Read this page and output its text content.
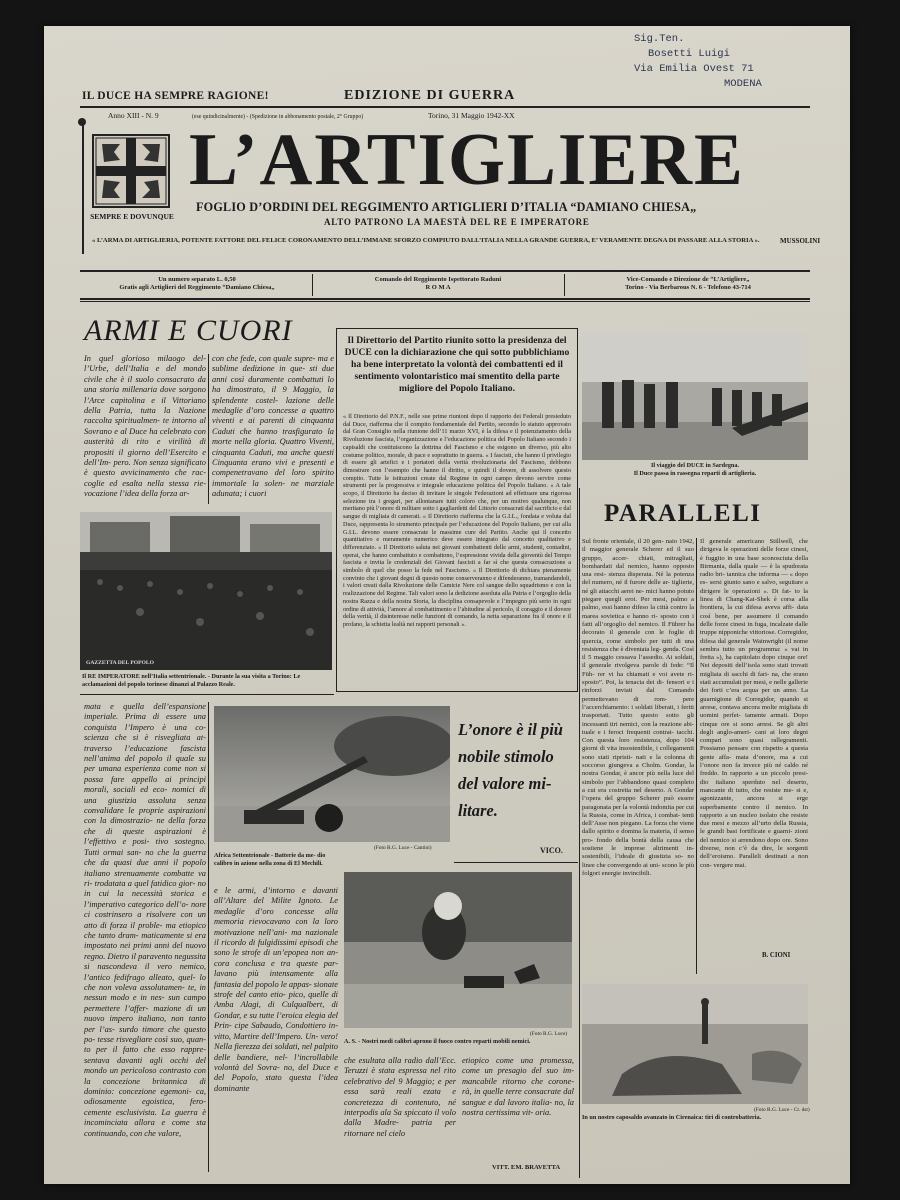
Sig.Ten.
Bosetti Luigi
Via Emilia Ovest 71
MODENA
IL DUCE HA SEMPRE RAGIONE!	EDIZIONE DI GUERRA
Anno XIII - N. 9	(ese quindicinalmente) - (Spedizione in abbonamento postale, 2° Gruppo)	Torino, 31 Maggio 1942-XX
SEMPRE E DOVUNQUE
L’ARTIGLIERE
FOGLIO D’ORDINI DEL REGGIMENTO ARTIGLIERI D’ITALIA “DAMIANO CHIESA„
ALTO PATRONO LA MAESTÀ DEL RE E IMPERATORE
« L’ARMA DI ARTIGLIERIA, POTENTE FATTORE DEL FELICE CORONAMENTO DELL’IMMANE SFORZO COMPIUTO DALL’ITALIA NELLA GRANDE GUERRA, E’ VERAMENTE DEGNA DI PASSARE ALLA STORIA ».	MUSSOLINI
Un numero separato L. 0,50
Gratis agli Artiglieri del Reggimento “Damiano Chiesa„
Comando del Reggimento Ispettorato Raduni
R O M A
Vice-Comando e Direzione de “L’Artigliere„
Torino - Via Berbarous N. 6 - Telefono 43-714
ARMI E CUORI
In quel glorioso milaogo del- l’Urbe, dell’Italia e del mondo civile che è il suolo consacrato da una storia millenaria dove sorgono l’Arce capitolina e il Vittoriano della Patria, tutta la Nazione raccolta spiritualmen- te intorno al Sovrano e al Duce ha celebrato con austerità di rito e virilità di propositi il giorno dell’Esercito e dell’Im- pero. Non senza significato è questo avvicinamento che rac- coglie ed esalta nella stessa rie- vocazione l’idea della forza ar-
con che fede, con quale supre- ma e sublime dedizione in que- sti due anni così duramente combattuti lo ha dimostrato, il 9 Maggio, la splendente costel- lazione delle medaglie d’oro concesse a quattro viventi e ai parenti di cinquanta Caduti che hanno trasfigurato la morte nella gloria. Quattro Viventi, cinquanta Caduti, ma anche questi Cinquanta erano vivi e presenti e compenetravano del loro spirito immortale la solen- ne marziale adunata; i cuori
GAZZETTA DEL POPOLO
Il RE IMPERATORE nell’Italia settentrionale. - Durante la sua visita a Torino: Le acclamazioni del popolo torinese dinanzi al Palazzo Reale.
mata e quella dell’espansione imperiale. Prima di essere una conquista l’Impero è una co- scienza che si è risvegliata at- traverso l’educazione fascista nell’anima del popolo il quale su per umana esperienza come non si possa fare appello ai principi morali, sociali ed eco- nomici di una giustizia assoluta senza convalidare le proprie aspirazioni con la dimostrazio- ne della forza che di queste aspirazioni è l’effettivo e posi- tivo sostegno. Tutti ormai san- no che la guerra che da quasi due anni il popolo italiano strenuamente combatte va ri- trodatata a quel fatidico gior- no in cui la necessità storica e l’imperativo categorico dell’o- nore ci costrinsero a risolvere con un atto di forza il proble- ma etiopico che tanto dram- maticamente si era impostato nei primi anni del nuovo regno. Dietro il paravento negussita si nascondeva il vero nemico, l’antico fedifrago alleato, quel- lo che non voleva assolutamen- te, in nessun modo e in nes- sun campo permettere l’affer- mazione di un nuovo impero italiano, non tanto per l’as- surdo timore che questo po- tesse risvegliare così suo, quan- to per il fatto che esso rappre- sentava davanti agli occhi del mondo un pericoloso contrasto con la concezione britannica di dominio: concezione egemoni- ca, odiosamente egoistica, fero- cemente esclusivista. La guerra è incominciata allora e come sta continuando, con che valore,
(Foto R.G. Luce - Cantini)
Africa Settentrionale - Batterie da me- dio calibro in azione nella zona di El Mechili.
L’onore è il più nobile stimolo del valore mi- litare.
VICO.
e le armi, d’intorno e davanti all’Altare del Milite Ignoto. Le medaglie d’oro concesse alla memoria rievocavano con la loro motivazione nell’ani- ma nazionale il ricordo di fulgidissimi episodi che sono le strofe di un’epopea non an- cora conclusa e tra queste par- lavano più intensamente alla fantasia del popolo le appas- sionate strofe del canto etio- pico, quelle di Amba Alagi, di Culqualbert, di Gondar, e su tutte l’eroica elegia del Prin- cipe Sabaudo, Condottiero in- vitto, Martire dell’Impero. Un- vero! Nella fierezza dei soldati, nel palpito delle bandiere, nel- l’incrollabile volontà del Sovra- no, del Duce e del Popolo, stato questa l’idea dominante
(Foto R.G. Luce)
A. S. - Nostri medi calibri aprono il fuoco contro reparti mobili nemici.
che esultata alla radio dall’Ecc. Teruzzi è stata espressa nel rito celebrativo del 9 Maggio; e per essa sarà reali ezata e concretezza di contenuto, né interpodis ala Sa spiccato il volo dalla Madre- patria per ritornare nel cielo
etiopico come una promessa, come un presagio del suo im- mancabile ritorno che corone- rà, in quelle terre consacrate dal sangue e dal lavoro italia- no, la nostra certissima vit- oria.
VITT. EM. BRAVETTA
Il Direttorio del Partito riunito sotto la presidenza del DUCE con la dichiarazione che qui sotto pubblichiamo ha bene interpretato la volontà dei combattenti ed il sentimento volontaristico mai smentito della parte migliore del Popolo Italiano.
« Il Direttorio del P.N.F., nelle sue prime riunioni dopo il rapporto dei Federali presieduto dal Duce, riafferma che il compito fondamentale del Partito, secondo lo statuto approvato dal Gran Consiglio nella riunione dell’11 marzo XVI, è la difesa e il potenziamento della Rivoluzione fascista, l’organizzazione e l’educazione politica del Popolo Italiano secondo i capisaldi che costituiscono la dottrina del Fascismo e che esigono un diverso, più alto costume politico, morale, di pace e soprattutto in guerra. « I fascisti, che hanno il privilegio di essere gli artefici e i portatori della verità rivoluzionaria del Fascismo, debbono dimostrare con l’esempio che hanno il diritto, e quindi il dovere, di assolvere questo compito. Tutte le istituzioni create dal Regime in ogni campo devono servire come strumenti per la progressiva e integrale educazione politica del Popolo Italiano. « A tale scopo, il Direttorio ha deciso di invitare le singole Federazioni ad effettuare una rigorosa selezione tra i gregari, per allontanare tutti coloro che, per un motivo qualunque, non meritano più l’onore di militare sotto i gagliardetti del Littorio consacrati dal sacrificio e dal sangue di migliaia di camerati. « Il Direttorio riafferma che la G.I.L., fondata e voluta dal Duce, rappresenta lo strumento principale per l’educazione del Popolo Italiano, per cui alla G.I.L. devono essere consacrate le massime cure del Partito. Anche qui il concetto quantitativo e meramente numerico deve essere integrato dal concetto qualitativo e differenziato. « Il Direttorio saluta nei giovani combattenti delle armi, studenti, contadini, operai, che hanno combattuto e combattono, l’espressione vivida della gioventù del Tempo fascista e invita le credenziali dei Giovani fascisti a far sì che questa consacrazione a simbolo di quel che posso la fede nel Fascismo. « Il Direttorio di dichiara pienamente convinto che i giovani degni di questo nome conserveranno e difenderanno, tramandandoli, i valori creati dalla Rivoluzione delle Camicie Nere col sangue dello squadrismo e con la realizzazione del Regime. Tali valori sono la dedizione assoluta alla Patria e l’orgoglio della nostra Razza e della nostra Storia, la disciplina consapevole e l’impegno più serio in ogni ordine di attività, l’amore al combattimento e l’abitudine al pericolo, il coraggio e il dovere della verità, il disinteresse nelle funzioni di comando, la netta separazione fra il onore e il profano, la schietta lealtà nei rapporti personali ».
Il viaggio del DUCE in Sardegna.
Il Duce passa in rassegna reparti di artiglieria.
PARALLELI
Sul fronte orientale, il 20 gen- naio 1942, il maggior generale Scherer ed il suo gruppo, accer- chiati, mitragliati, bombardati dal nemico, hanno opposto una resi- stenza disperata. Né la potenza del numero, né il furore delle ar- tiglierie, né gli attacchi aerei ne- mici hanno potuto piegare quegli eroi. Per mesi, palmo a palmo, essi hanno difeso la città contro la marea sovietica e hanno ri- sposto con i fatti all’orgoglio del nemico. Il Führer ha decorato il generale con le foglie di quercia, come simbolo per tutti di una resistenza che è diventata leg- genda. Così il 5 maggio cessava l’assedio. Ai soldati, il generale rivolgeva parole di fede: “Il Füh- rer vi ha chiamati e voi avete ri- sposto”. Poi, la tenacia dei di- fensori e i rinforzi inviati dal Comando permettevano di rom- pere l’accerchiamento: i soldati liberati, i feriti trasportati. Tutto questo sotto gli incessanti tiri nemici, con la reazione abi- tuale e i feroci frequenti contrat- tacchi. Con questa loro resistenza, dopo 104 giorni di vita insostenibile, i collegamenti sono stati ripristi- nati e la colonna di soccorso giungeva a Cholm. Gondar, la nostra Gondar, è ancor più nella luce del simbolo per l’abbandono quasi completo a cui era costretta nel deserto. A Gondar l’opera del gruppo Scherer può essere paragonata per la volontà indomita per cui la Russia, come in Africa, i combat- tenti dell’Asse non piegano. La forza che viene dallo spirito e domina la materia, il senso pro- fondo della bontà della causa che sostiene le imprese altrimenti in- sostenibili, l’ideale di giustizia so- no linee che convergendo ai uni- scono le più folgori energie invincibili.
Il generale americano Stillwell, che dirigeva le operazioni delle forze cinesi, è fuggito in una base sconosciuta della Birmania, dalla quale — è la spudorata radio bri- tannica che informa — « dopo es- sersi giunto sano e salvo, seguitare a dirigere le operazioni ». Di fat- to la linea di Chang-Kai-Shek è corsa alla frontiera, la cui difesa aveva affi- data così bene, per assumere il comando delle forze cinesi in fuga, incalzate dalle truppe nipponiche vittoriose. Corregidor, difesa dal generale Wainwright (il nome sembra tutto un programma: « vai in fretta »), ha capitolato dopo cinque ore! Nei depositi dell’isola sono stati trovati migliaia di sacchi di fari- na, che erano stati accumulati per mesi, e nelle gallerie dei forti c’era acqua per un anno. La guarnigione di Corregidor, quando si arrese, contava ancora molte migliaia di uomini perfet- tamente armati. Dopo cinque ore si sono arresi. Se gli altri degli anglo-ameri- cani ai loro degni compari sono quasi rallegramenti. Possiamo pensare con rispetto a questa gente affa- mata d’onore, ma a cui l’onore non fa invece più né caldo né freddo. In rapporto a un piccolo presi- dio italiano sperduto nel deserto, mancante di tutto, che resiste me- si e, agonizzante, ancora si erge superbamente contro il nemico. In rapporto a un nucleo isolato che resiste due mesi e mezzo all’urto della Russia, le grandi basi fortificate e guarni- zioni del nemico si arrendono dopo ore. Sono diverse, non c’è da dire, le sorgenti dell’eroismo. Paralleli destinati a non con- vergere mai.
B. CIONI
(Foto R.G. Luce - Cr. dst)
In un nostro caposaldo avanzato in Cirenaica: tiri di controbatteria.
